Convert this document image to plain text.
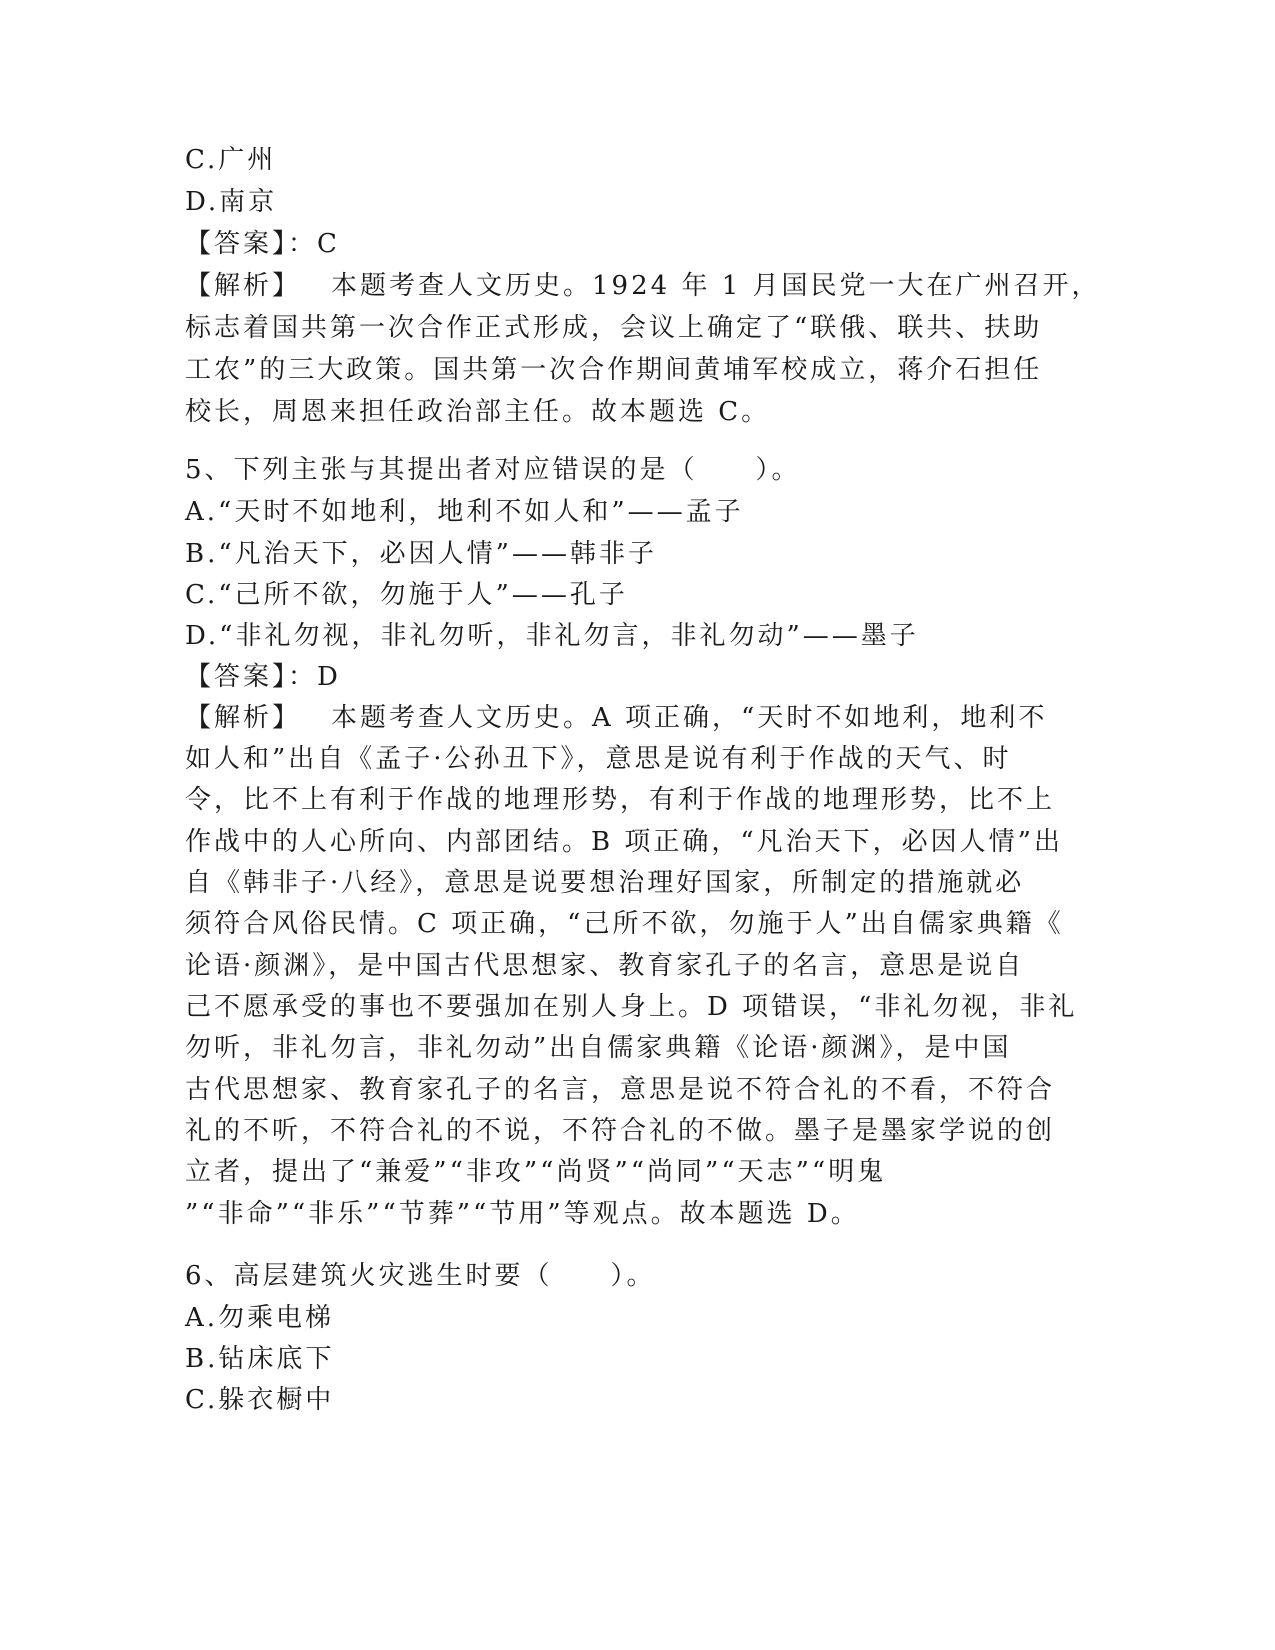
C.广州
D.南京
【答案】：C
【解析】 本题考查人文历史。1924 年 1 月国民党一大在广州召开，
标志着国共第一次合作正式形成，会议上确定了“联俄、联共、扶助
工农”的三大政策。国共第一次合作期间黄埔军校成立，蒋介石担任
校长，周恩来担任政治部主任。故本题选 C。
5、下列主张与其提出者对应错误的是（　　）。
A.“天时不如地利，地利不如人和”——孟子
B.“凡治天下，必因人情”——韩非子
C.“己所不欲，勿施于人”——孔子
D.“非礼勿视，非礼勿听，非礼勿言，非礼勿动”——墨子
【答案】：D
【解析】 本题考查人文历史。A 项正确，“天时不如地利，地利不
如人和”出自《孟子·公孙丑下》，意思是说有利于作战的天气、时
令，比不上有利于作战的地理形势，有利于作战的地理形势，比不上
作战中的人心所向、内部团结。B 项正确，“凡治天下，必因人情”出
自《韩非子·八经》，意思是说要想治理好国家，所制定的措施就必
须符合风俗民情。C 项正确，“己所不欲，勿施于人”出自儒家典籍《
论语·颜渊》，是中国古代思想家、教育家孔子的名言，意思是说自
己不愿承受的事也不要强加在别人身上。D 项错误，“非礼勿视，非礼
勿听，非礼勿言，非礼勿动”出自儒家典籍《论语·颜渊》，是中国
古代思想家、教育家孔子的名言，意思是说不符合礼的不看，不符合
礼的不听，不符合礼的不说，不符合礼的不做。墨子是墨家学说的创
立者，提出了“兼爱”“非攻”“尚贤”“尚同”“天志”“明鬼
”“非命”“非乐”“节葬”“节用”等观点。故本题选 D。
6、高层建筑火灾逃生时要（　　）。
A.勿乘电梯
B.钻床底下
C.躲衣橱中
